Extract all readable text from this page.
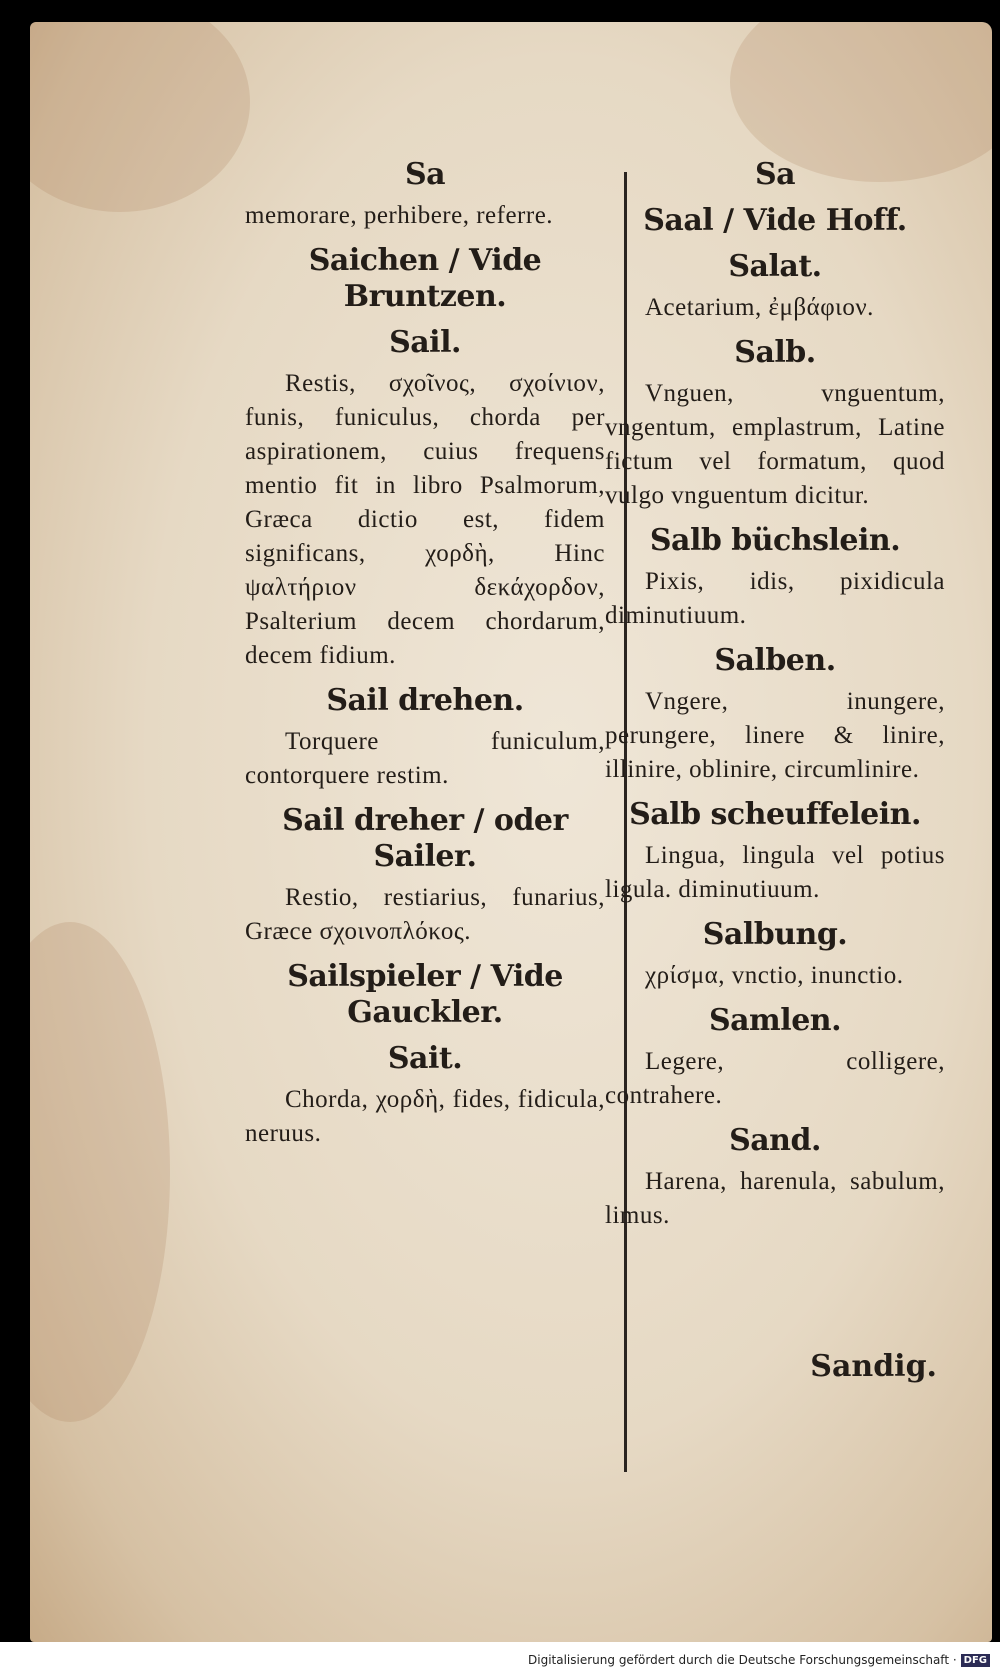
Sa
memorare, perhibere, referre.
Saichen / Vide Bruntzen.
Sail.
Restis, σχοῖνος, σχοίνιον, funis, funiculus, chorda per aspirationem, cuius frequens mentio fit in libro Psalmorum, Græca dictio est, fidem significans, χορδὴ, Hinc ψαλτήριον δεκάχορδον, Psalterium decem chordarum, decem fidium.
Sail drehen.
Torquere funiculum, contorquere restim.
Sail dreher / oder Sailer.
Restio, restiarius, funarius, Græce σχοινοπλόκος.
Sailspieler / Vide Gauckler.
Sait.
Chorda, χορδὴ, fides, fidicula, neruus.
Sa
Saal / Vide Hoff.
Salat.
Acetarium, ἐμβάφιον.
Salb.
Vnguen, vnguentum, vngentum, emplastrum, Latine fictum vel formatum, quod vulgo vnguentum dicitur.
Salb büchslein.
Pixis, idis, pixidicula diminutiuum.
Salben.
Vngere, inungere, perungere, linere & linire, illinire, oblinire, circumlinire.
Salb scheuffelein.
Lingua, lingula vel potius ligula. diminutiuum.
Salbung.
χρίσμα, vnctio, inunctio.
Samlen.
Legere, colligere, contrahere.
Sand.
Harena, harenula, sabulum, limus.
Sandig.
Digitalisierung gefördert durch die Deutsche Forschungsgemeinschaft · DFG
